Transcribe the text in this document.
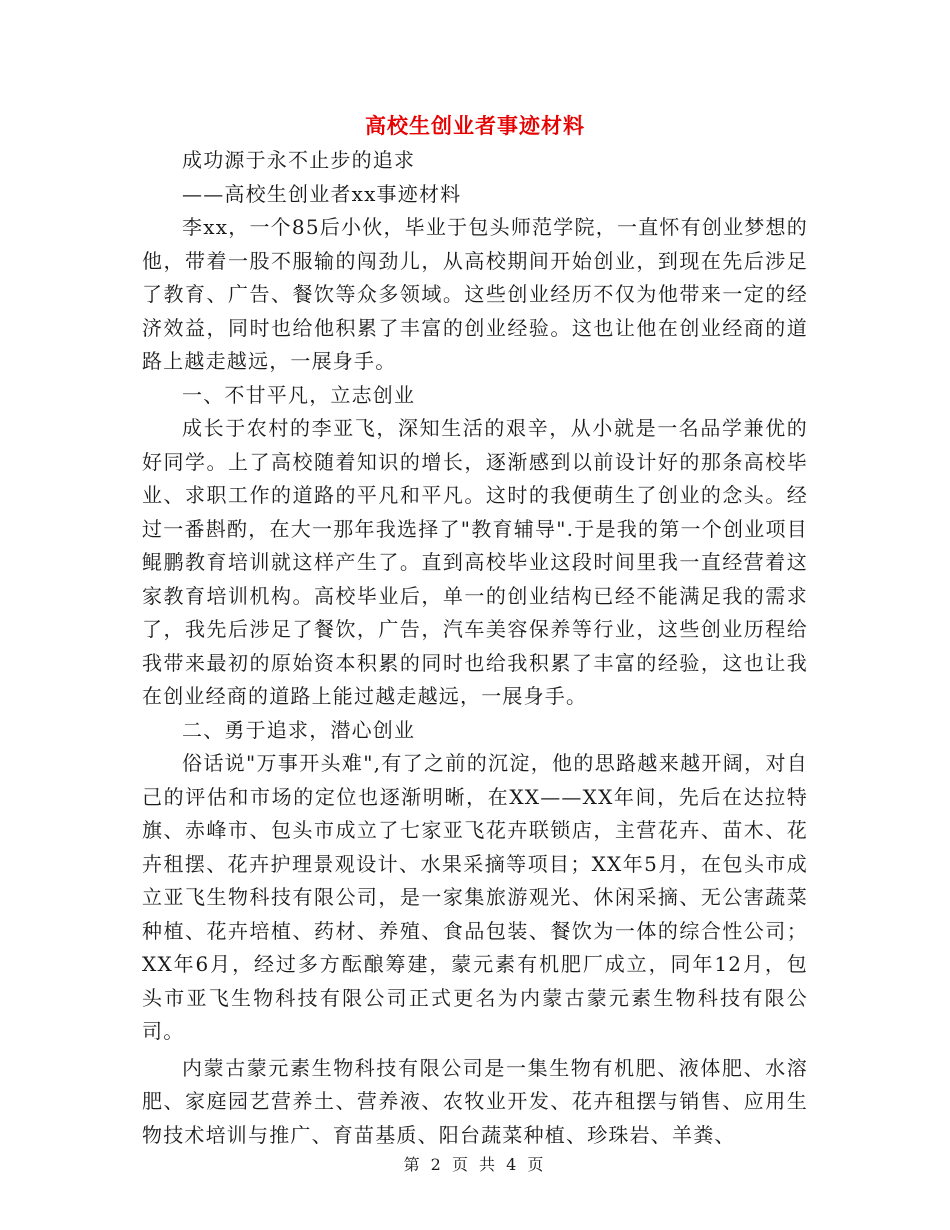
高校生创业者事迹材料

成功源于永不止步的追求

——高校生创业者xx事迹材料

李xx，一个85后小伙，毕业于包头师范学院，一直怀有创业梦想的他，带着一股不服输的闯劲儿，从高校期间开始创业，到现在先后涉足了教育、广告、餐饮等众多领域。这些创业经历不仅为他带来一定的经济效益，同时也给他积累了丰富的创业经验。这也让他在创业经商的道路上越走越远，一展身手。

一、不甘平凡，立志创业

成长于农村的李亚飞，深知生活的艰辛，从小就是一名品学兼优的好同学。上了高校随着知识的增长，逐渐感到以前设计好的那条高校毕业、求职工作的道路的平凡和平凡。这时的我便萌生了创业的念头。经过一番斟酌，在大一那年我选择了"教育辅导".于是我的第一个创业项目鲲鹏教育培训就这样产生了。直到高校毕业这段时间里我一直经营着这家教育培训机构。高校毕业后，单一的创业结构已经不能满足我的需求了，我先后涉足了餐饮，广告，汽车美容保养等行业，这些创业历程给我带来最初的原始资本积累的同时也给我积累了丰富的经验，这也让我在创业经商的道路上能过越走越远，一展身手。

二、勇于追求，潜心创业

俗话说"万事开头难",有了之前的沉淀，他的思路越来越开阔，对自己的评估和市场的定位也逐渐明晰，在XX——XX年间，先后在达拉特旗、赤峰市、包头市成立了七家亚飞花卉联锁店，主营花卉、苗木、花卉租摆、花卉护理景观设计、水果采摘等项目；XX年5月，在包头市成立亚飞生物科技有限公司，是一家集旅游观光、休闲采摘、无公害蔬菜种植、花卉培植、药材、养殖、食品包装、餐饮为一体的综合性公司；XX年6月，经过多方酝酿筹建，蒙元素有机肥厂成立，同年12月，包头市亚飞生物科技有限公司正式更名为内蒙古蒙元素生物科技有限公司。

内蒙古蒙元素生物科技有限公司是一集生物有机肥、液体肥、水溶肥、家庭园艺营养土、营养液、农牧业开发、花卉租摆与销售、应用生物技术培训与推广、育苗基质、阳台蔬菜种植、珍珠岩、羊粪、

第 2 页 共 4 页
